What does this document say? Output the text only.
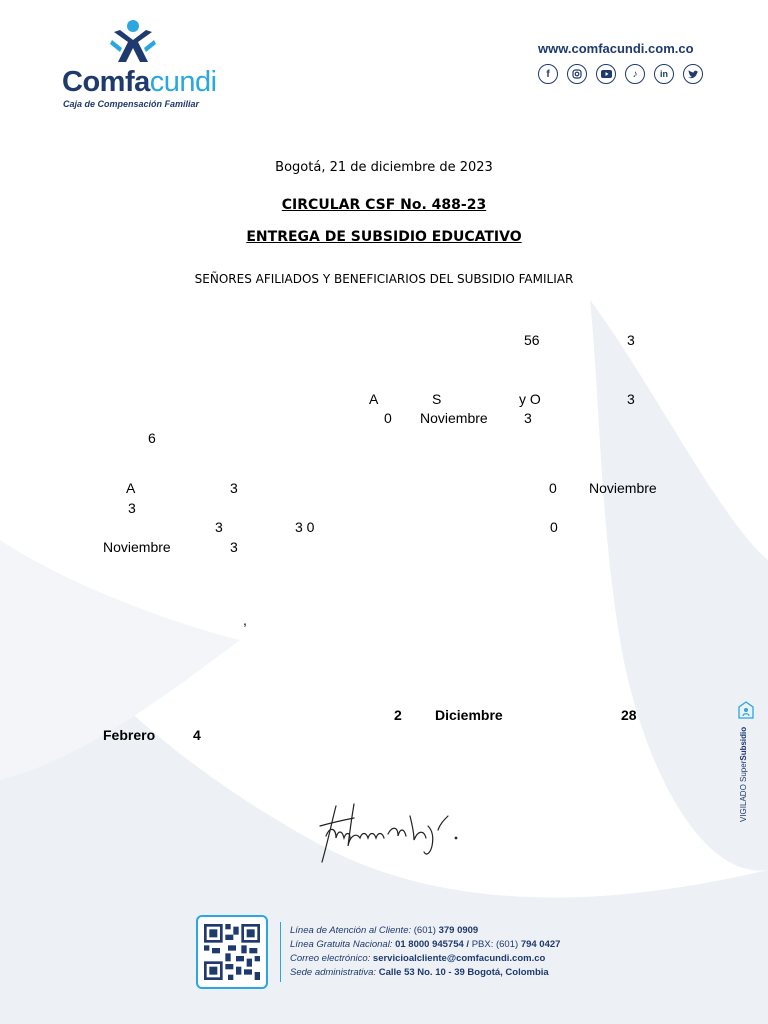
Comfacundi
Caja de Compensación Familiar
www.comfacundi.com.co
f	♪	in
Bogotá, 21 de diciembre de 2023
CIRCULAR CSF No. 488-23
ENTREGA DE SUBSIDIO EDUCATIVO
SEÑORES AFILIADOS Y BENEFICIARIOS DEL SUBSIDIO FAMILIAR
56	3
A	S	y O	3
0 Noviembre	3
6
A	3	0 Noviembre
3
3	3 0	0
Noviembre	3
,
2 Diciembre	28
Febrero	4
VIGILADO SuperSubsidio
Línea de Atención al Cliente: (601) 379 0909
Línea Gratuita Nacional: 01 8000 945754 / PBX: (601) 794 0427
Correo electrónico: servicioalcliente@comfacundi.com.co
Sede administrativa: Calle 53 No. 10 - 39 Bogotá, Colombia
